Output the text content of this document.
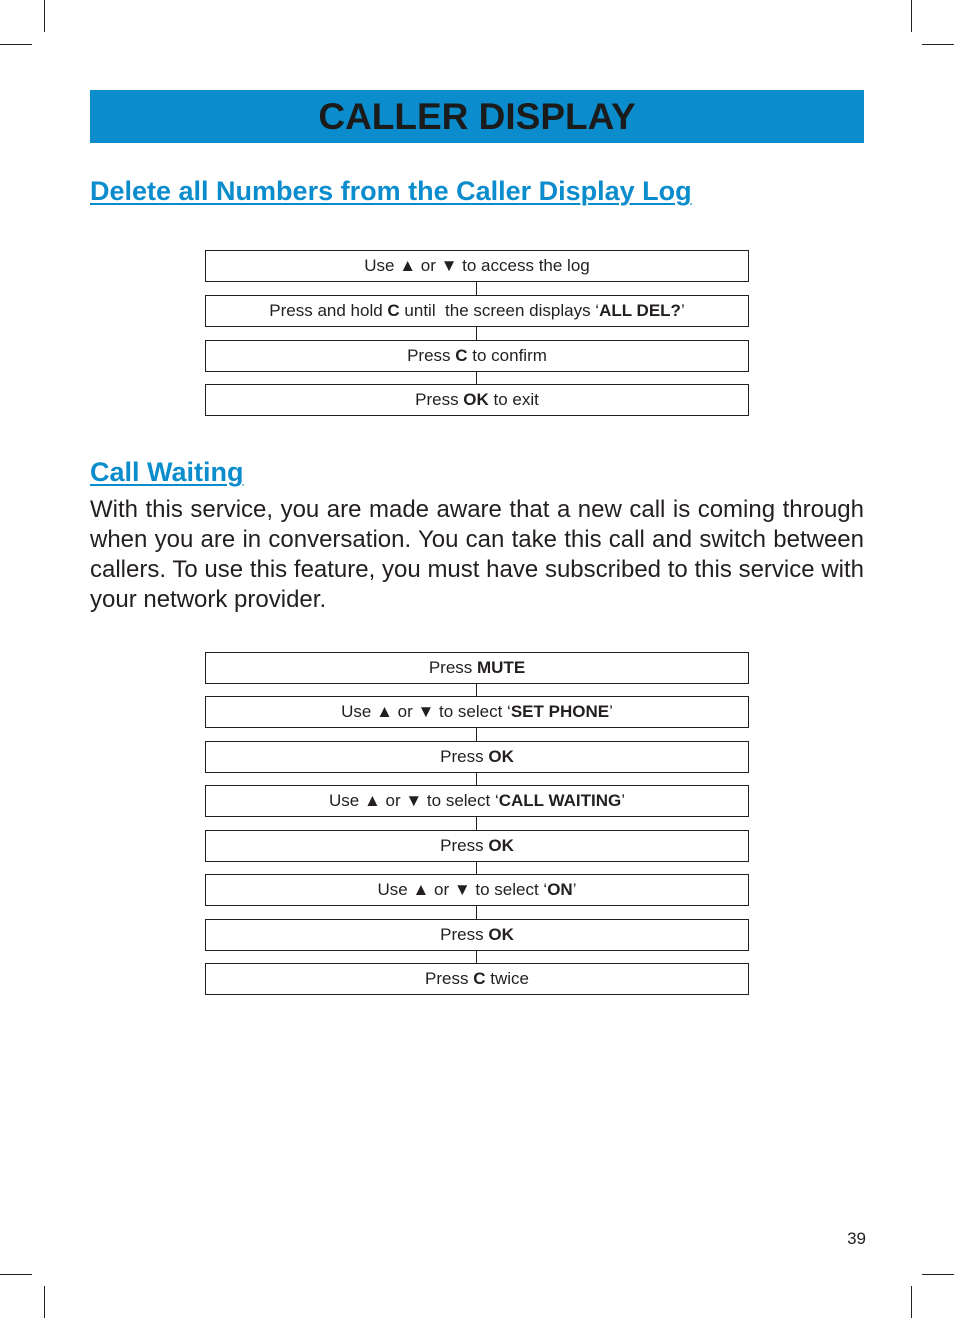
CALLER DISPLAY
Delete all Numbers from the Caller Display Log
Use ▲ or ▼ to access the log
Press and hold C until  the screen displays ‘ ALL DEL? ’
Press C to confirm
Press OK to exit
Call Waiting

With this service, you are made aware that a new call is coming through when you are in conversation. You can take this call and switch between callers. To use this feature, you must have subscribed to this service with your network provider.

Press MUTE
Use ▲ or ▼ to select ‘ SET PHONE ’
Press OK
Use ▲ or ▼ to select ‘ CALL WAITING ’
Press OK
Use ▲ or ▼ to select ‘ ON ’
Press OK
Press C twice
39
